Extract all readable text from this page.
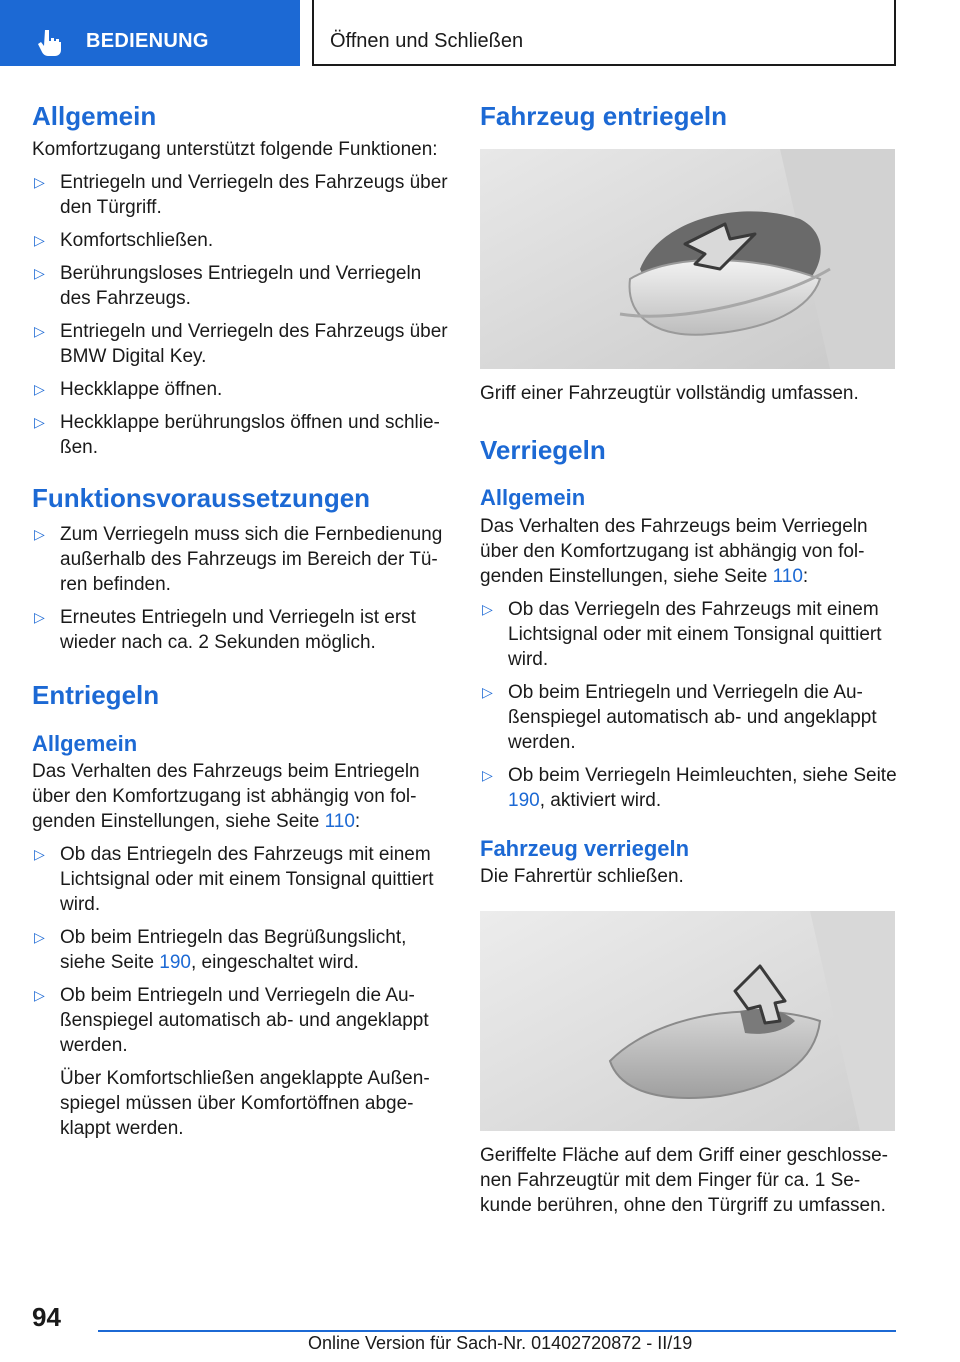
BEDIENUNG	Öffnen und Schließen
Allgemein

Komfortzugang unterstützt folgende Funktionen:

▷ Entriegeln und Verriegeln des Fahrzeugs über den Türgriff.
▷ Komfortschließen.
▷ Berührungsloses Entriegeln und Verriegeln des Fahrzeugs.
▷ Entriegeln und Verriegeln des Fahrzeugs über BMW Digital Key.
▷ Heckklappe öffnen.
▷ Heckklappe berührungslos öffnen und schlie-ßen.
Funktionsvoraussetzungen
▷ Zum Verriegeln muss sich die Fernbedienung außerhalb des Fahrzeugs im Bereich der Tü-ren befinden.
▷ Erneutes Entriegeln und Verriegeln ist erst wieder nach ca. 2 Sekunden möglich.
Entriegeln
Allgemein

Das Verhalten des Fahrzeugs beim Entriegeln über den Komfortzugang ist abhängig von fol-genden Einstellungen, siehe Seite 110:

▷ Ob das Entriegeln des Fahrzeugs mit einem Lichtsignal oder mit einem Tonsignal quittiert wird.
▷ Ob beim Entriegeln das Begrüßungslicht, siehe Seite 190, eingeschaltet wird.
▷ Ob beim Entriegeln und Verriegeln die Au-ßenspiegel automatisch ab- und angeklappt werden.
Über Komfortschließen angeklappte Außen-spiegel müssen über Komfortöffnen abge-klappt werden.
Fahrzeug entriegeln

Griff einer Fahrzeugtür vollständig umfassen.

Verriegeln
Allgemein

Das Verhalten des Fahrzeugs beim Verriegeln über den Komfortzugang ist abhängig von fol-genden Einstellungen, siehe Seite 110:

▷ Ob das Verriegeln des Fahrzeugs mit einem Lichtsignal oder mit einem Tonsignal quittiert wird.
▷ Ob beim Entriegeln und Verriegeln die Au-ßenspiegel automatisch ab- und angeklappt werden.
▷ Ob beim Verriegeln Heimleuchten, siehe Seite 190, aktiviert wird.
Fahrzeug verriegeln

Die Fahrertür schließen.

Geriffelte Fläche auf dem Griff einer geschlosse-nen Fahrzeugtür mit dem Finger für ca. 1 Se-kunde berühren, ohne den Türgriff zu umfassen.

94
Online Version für Sach-Nr. 01402720872 - II/19
